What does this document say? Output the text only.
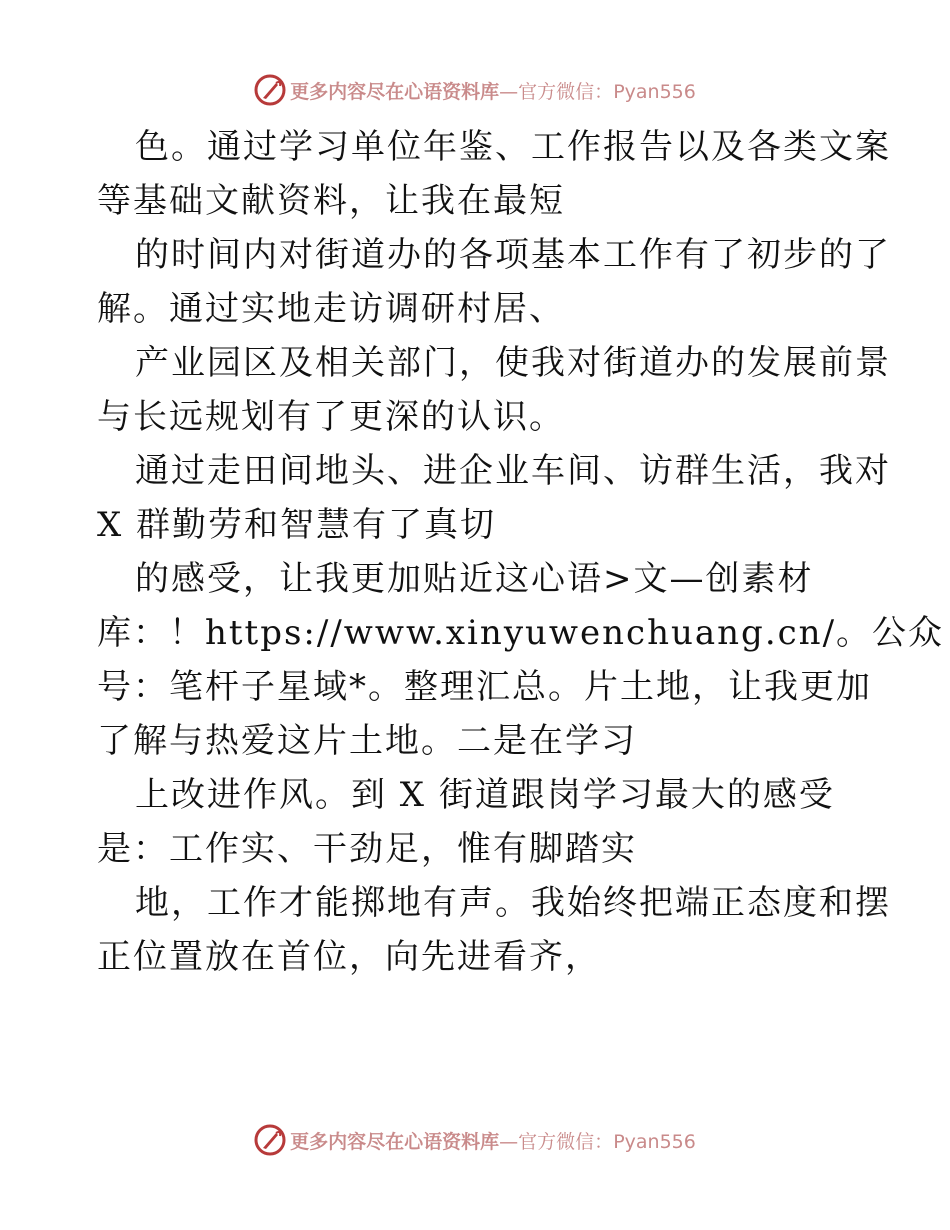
更多内容尽在心语资料库—官方微信：Pyan556
色。通过学习单位年鉴、工作报告以及各类文案
等基础文献资料，让我在最短
的时间内对街道办的各项基本工作有了初步的了
解。通过实地走访调研村居、
产业园区及相关部门，使我对街道办的发展前景
与长远规划有了更深的认识。
通过走田间地头、进企业车间、访群生活，我对
X 群勤劳和智慧有了真切
的感受，让我更加贴近这心语>文—创素材
库：！https://www.xinyuwenchuang.cn/。公众
号：笔杆子星域*。整理汇总。片土地，让我更加
了解与热爱这片土地。二是在学习
上改进作风。到 X 街道跟岗学习最大的感受
是：工作实、干劲足，惟有脚踏实
地，工作才能掷地有声。我始终把端正态度和摆
正位置放在首位，向先进看齐，
更多内容尽在心语资料库—官方微信：Pyan556
